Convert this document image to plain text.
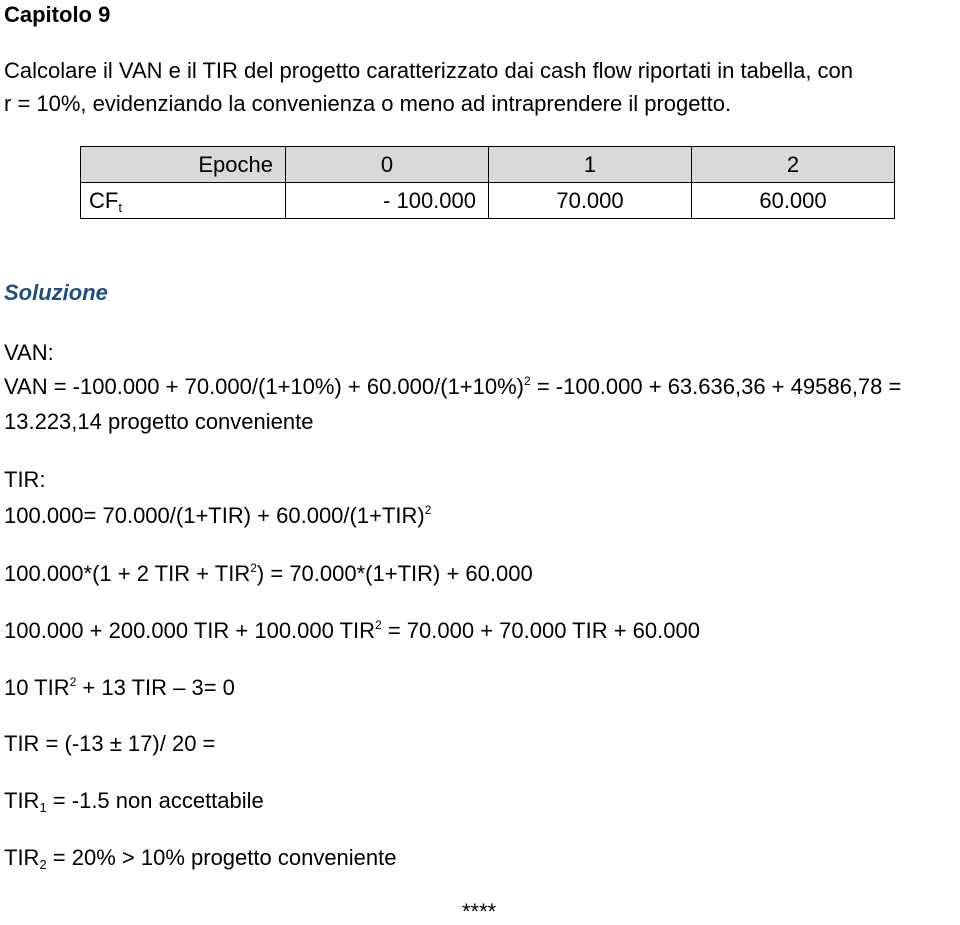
Capitolo 9
Calcolare il VAN e il TIR del progetto caratterizzato dai cash flow riportati in tabella, con
r = 10%, evidenziando la convenienza o meno ad intraprendere il progetto.
Epoche	0	1	2
$CF_t$	- 100.000	70.000	60.000
Soluzione
VAN:
VAN = $-100.000 + 70.000/(1+10\%) + 60.000/(1+10\%)^2 = -100.000 + 63.636,36 + 49586,78$ =
13.223,14 progetto conveniente
TIR:
$100.000= 70.000/(1+TIR) + 60.000/(1+TIR)^2$
100.000*(1 + 2 TIR + $TIR^2) = 70.000*(1+TIR) + 60.000$
100.000 + 200.000 TIR + 100.000 $TIR^2 = 70.000 + 70.000$ TIR + 60.000
10 $TIR^2 + 13$ TIR – 3= 0
TIR = (-13 ± 17)/ 20 =
$TIR_1 = -1.5$ non accettabile
$TIR_2 = 20\% > 10\%$ progetto conveniente
****
